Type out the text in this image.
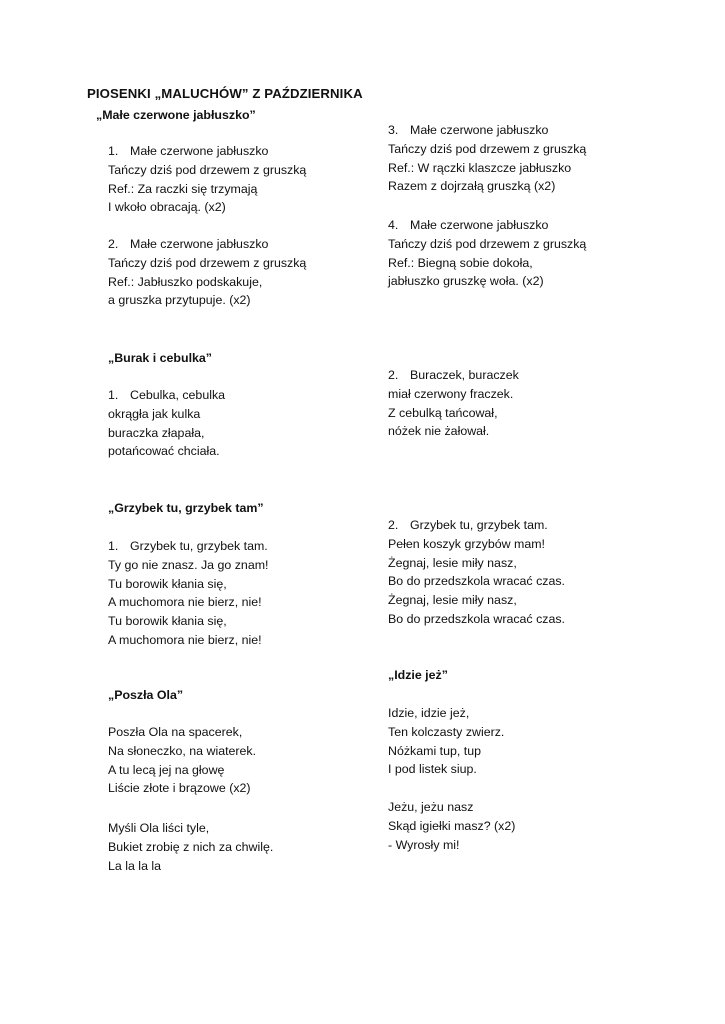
PIOSENKI „MALUCHÓW” Z PAŹDZIERNIKA
„Małe czerwone jabłuszko”
1. Małe czerwone jabłuszko
Tańczy dziś pod drzewem z gruszką
Ref.: Za raczki się trzymają
I wkoło obracają. (x2)
2. Małe czerwone jabłuszko
Tańczy dziś pod drzewem z gruszką
Ref.: Jabłuszko podskakuje,
a gruszka przytupuje. (x2)
3. Małe czerwone jabłuszko
Tańczy dziś pod drzewem z gruszką
Ref.: W rączki klaszcze jabłuszko
Razem z dojrzałą gruszką (x2)
4. Małe czerwone jabłuszko
Tańczy dziś pod drzewem z gruszką
Ref.: Biegną sobie dokoła,
jabłuszko gruszkę woła. (x2)
„Burak i cebulka”
1. Cebulka, cebulka
okrągła jak kulka
buraczka złapała,
potańcować chciała.
2. Buraczek, buraczek
miał czerwony fraczek.
Z cebulką tańcował,
nóżek nie żałował.
„Grzybek tu, grzybek tam”
1. Grzybek tu, grzybek tam.
Ty go nie znasz. Ja go znam!
Tu borowik kłania się,
A muchomora nie bierz, nie!
Tu borowik kłania się,
A muchomora nie bierz, nie!
2. Grzybek tu, grzybek tam.
Pełen koszyk grzybów mam!
Żegnaj, lesie miły nasz,
Bo do przedszkola wracać czas.
Żegnaj, lesie miły nasz,
Bo do przedszkola wracać czas.
„Poszła Ola”
Poszła Ola na spacerek,
Na słoneczko, na wiaterek.
A tu lecą jej na głowę
Liście złote i brązowe (x2)
Myśli Ola liści tyle,
Bukiet zrobię z nich za chwilę.
La la la la
„Idzie jeż”
Idzie, idzie jeż,
Ten kolczasty zwierz.
Nóżkami tup, tup
I pod listek siup.
Jeżu, jeżu nasz
Skąd igiełki masz? (x2)
- Wyrosły mi!
